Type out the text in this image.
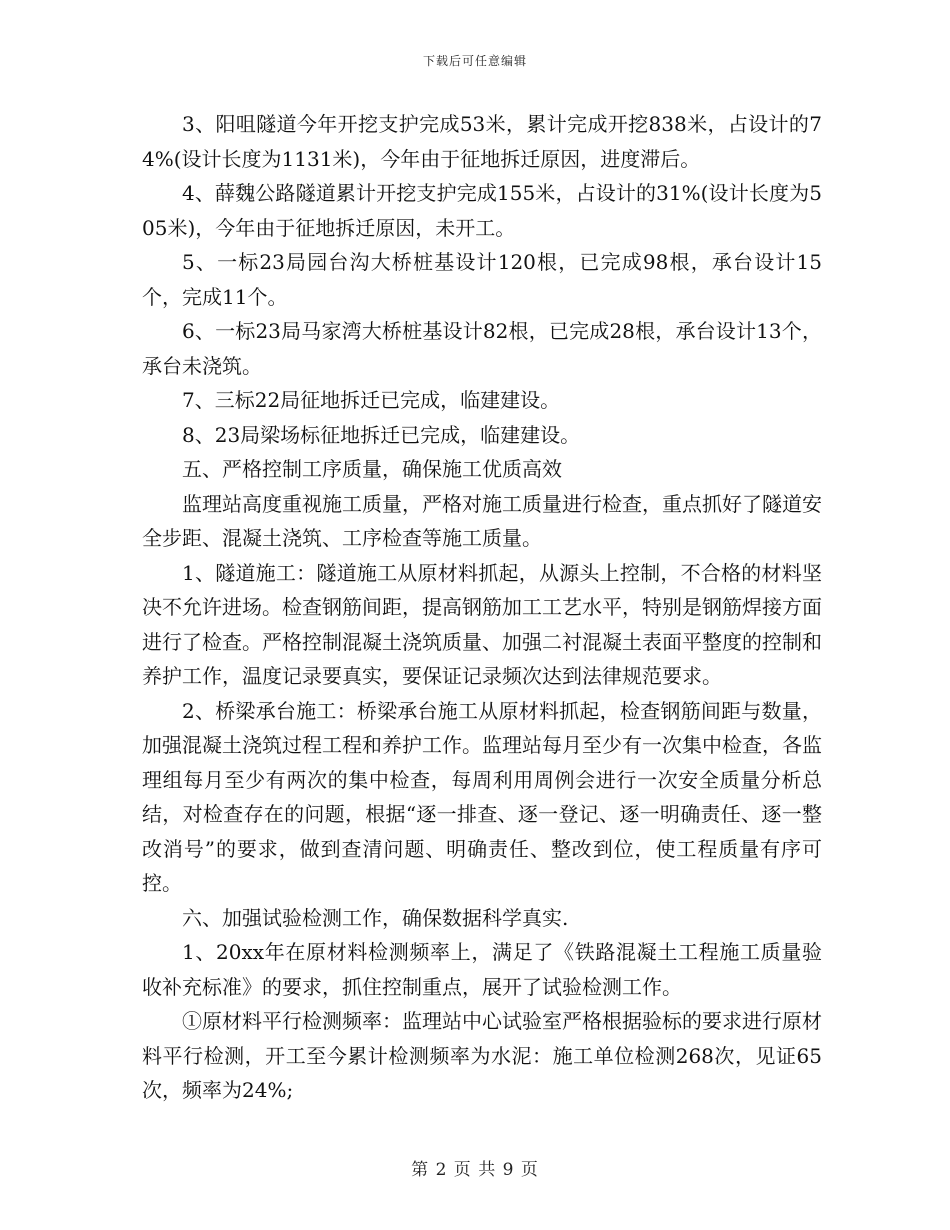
下载后可任意编辑

3、阳咀隧道今年开挖支护完成53米，累计完成开挖838米，占设计的74%(设计长度为1131米)，今年由于征地拆迁原因，进度滞后。

4、薛魏公路隧道累计开挖支护完成155米，占设计的31%(设计长度为505米)，今年由于征地拆迁原因，未开工。

5、一标23局园台沟大桥桩基设计120根，已完成98根，承台设计15个，完成11个。

6、一标23局马家湾大桥桩基设计82根，已完成28根，承台设计13个，承台未浇筑。

7、三标22局征地拆迁已完成，临建建设。

8、23局梁场标征地拆迁已完成，临建建设。

五、严格控制工序质量，确保施工优质高效

监理站高度重视施工质量，严格对施工质量进行检查，重点抓好了隧道安全步距、混凝土浇筑、工序检查等施工质量。

1、隧道施工：隧道施工从原材料抓起，从源头上控制，不合格的材料坚决不允许进场。检查钢筋间距，提高钢筋加工工艺水平，特别是钢筋焊接方面进行了检查。严格控制混凝土浇筑质量、加强二衬混凝土表面平整度的控制和养护工作，温度记录要真实，要保证记录频次达到法律规范要求。

2、桥梁承台施工：桥梁承台施工从原材料抓起，检查钢筋间距与数量，加强混凝土浇筑过程工程和养护工作。监理站每月至少有一次集中检查，各监理组每月至少有两次的集中检查，每周利用周例会进行一次安全质量分析总结，对检查存在的问题，根据“逐一排查、逐一登记、逐一明确责任、逐一整改消号”的要求，做到查清问题、明确责任、整改到位，使工程质量有序可控。

六、加强试验检测工作，确保数据科学真实.

1、20xx年在原材料检测频率上，满足了《铁路混凝土工程施工质量验收补充标准》的要求，抓住控制重点，展开了试验检测工作。

①原材料平行检测频率：监理站中心试验室严格根据验标的要求进行原材料平行检测，开工至今累计检测频率为水泥：施工单位检测268次，见证65次，频率为24%;

第 2 页 共 9 页
